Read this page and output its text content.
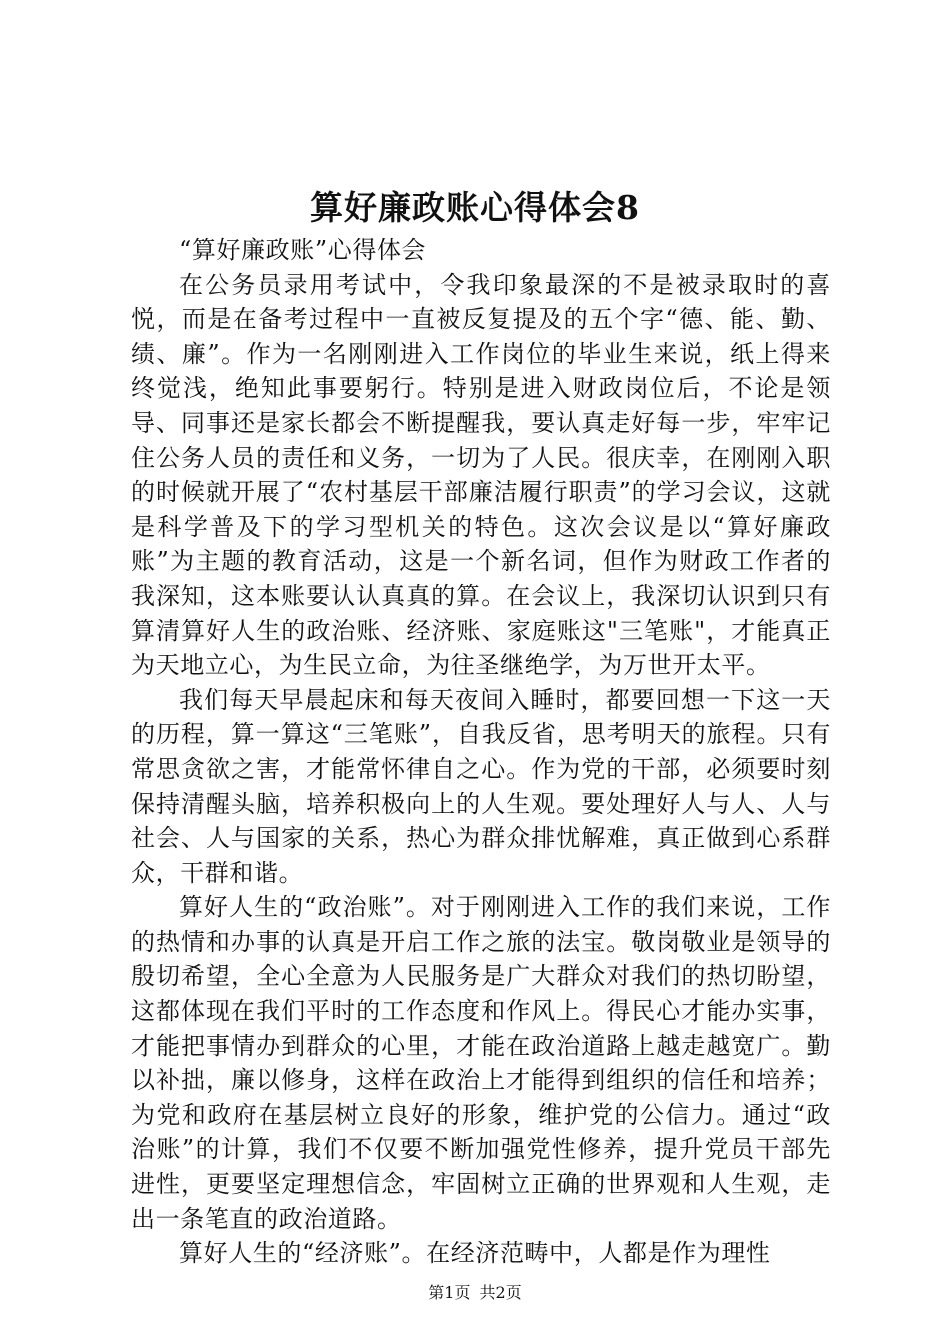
算好廉政账心得体会8

“算好廉政账”心得体会

在公务员录用考试中，令我印象最深的不是被录取时的喜悦，而是在备考过程中一直被反复提及的五个字“德、能、勤、绩、廉”。作为一名刚刚进入工作岗位的毕业生来说，纸上得来终觉浅，绝知此事要躬行。特别是进入财政岗位后，不论是领导、同事还是家长都会不断提醒我，要认真走好每一步，牢牢记住公务人员的责任和义务，一切为了人民。很庆幸，在刚刚入职的时候就开展了“农村基层干部廉洁履行职责”的学习会议，这就是科学普及下的学习型机关的特色。这次会议是以“算好廉政账”为主题的教育活动，这是一个新名词，但作为财政工作者的我深知，这本账要认认真真的算。在会议上，我深切认识到只有算清算好人生的政治账、经济账、家庭账这"三笔账"，才能真正为天地立心，为生民立命，为往圣继绝学，为万世开太平。

我们每天早晨起床和每天夜间入睡时，都要回想一下这一天的历程，算一算这“三笔账”，自我反省，思考明天的旅程。只有常思贪欲之害，才能常怀律自之心。作为党的干部，必须要时刻保持清醒头脑，培养积极向上的人生观。要处理好人与人、人与社会、人与国家的关系，热心为群众排忧解难，真正做到心系群众，干群和谐。

算好人生的“政治账”。对于刚刚进入工作的我们来说，工作的热情和办事的认真是开启工作之旅的法宝。敬岗敬业是领导的殷切希望，全心全意为人民服务是广大群众对我们的热切盼望，这都体现在我们平时的工作态度和作风上。得民心才能办实事，才能把事情办到群众的心里，才能在政治道路上越走越宽广。勤以补拙，廉以修身，这样在政治上才能得到组织的信任和培养；为党和政府在基层树立良好的形象，维护党的公信力。通过“政治账”的计算，我们不仅要不断加强党性修养，提升党员干部先进性，更要坚定理想信念，牢固树立正确的世界观和人生观，走出一条笔直的政治道路。

算好人生的“经济账”。在经济范畴中，人都是作为理性

第1页 共2页
